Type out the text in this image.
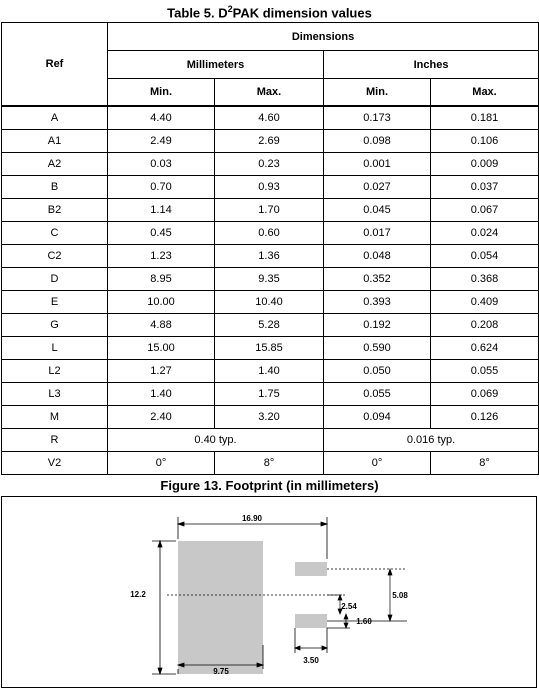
Table 5. $D^2PAK$ dimension values
Ref	Dimensions			
	Millimeters		Inches	
	Min.	Max.	Min.	Max.
A	4.40	4.60	0.173	0.181
A1	2.49	2.69	0.098	0.106
A2	0.03	0.23	0.001	0.009
B	0.70	0.93	0.027	0.037
B2	1.14	1.70	0.045	0.067
C	0.45	0.60	0.017	0.024
C2	1.23	1.36	0.048	0.054
D	8.95	9.35	0.352	0.368
E	10.00	10.40	0.393	0.409
G	4.88	5.28	0.192	0.208
L	15.00	15.85	0.590	0.624
L2	1.27	1.40	0.050	0.055
L3	1.40	1.75	0.055	0.069
M	2.40	3.20	0.094	0.126
R	0.40 typ.		0.016 typ.	
V2	0°	8°	0°	8°
Figure 13. Footprint (in millimeters)
16.90
12.2	5.08
2.54
1.60
9.75
3.50
